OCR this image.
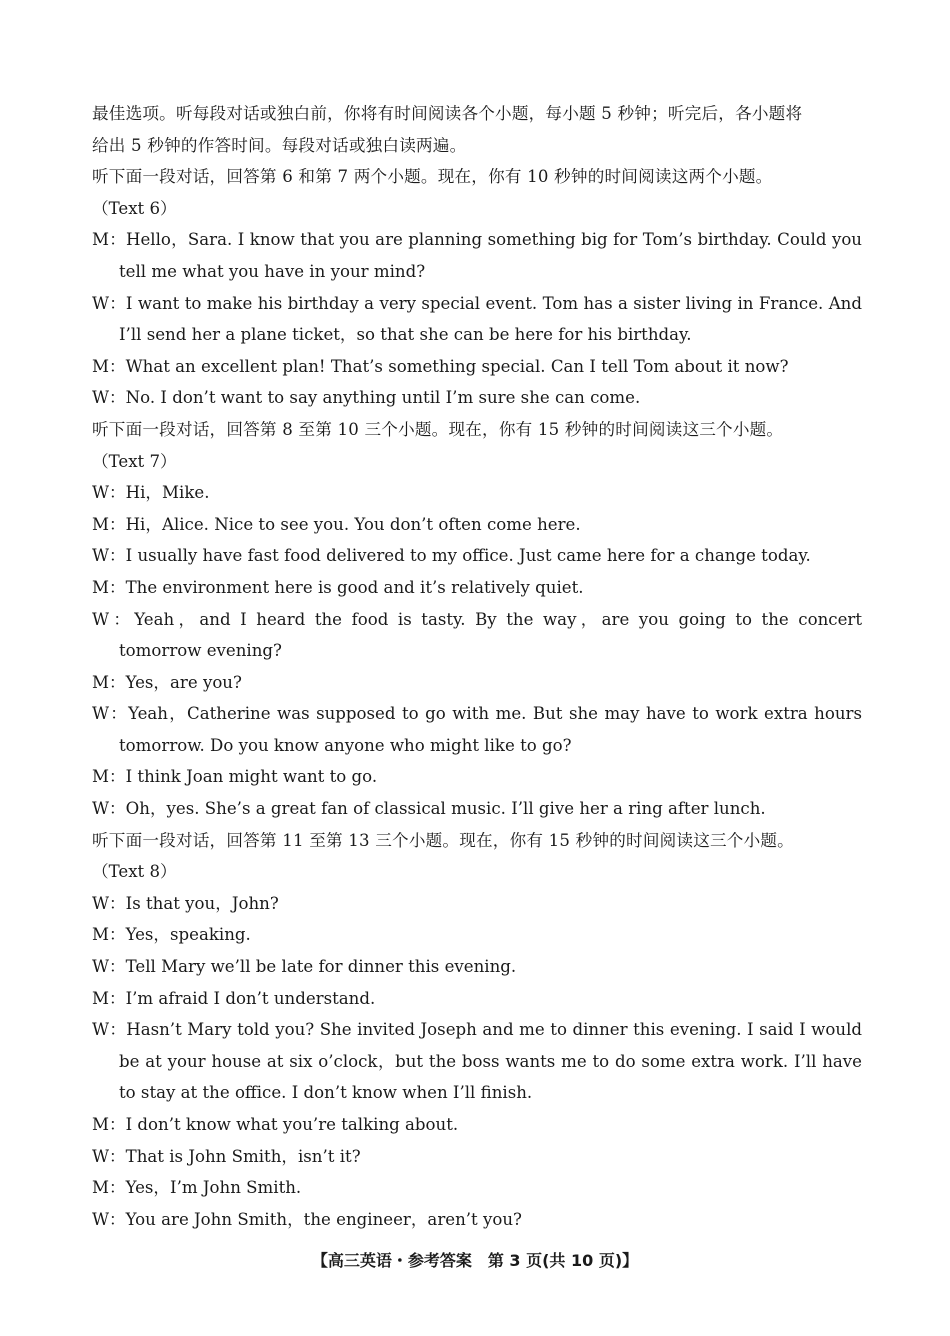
最佳选项。听每段对话或独白前，你将有时间阅读各个小题，每小题 5 秒钟；听完后，各小题将
给出 5 秒钟的作答时间。每段对话或独白读两遍。
听下面一段对话，回答第 6 和第 7 两个小题。现在，你有 10 秒钟的时间阅读这两个小题。
（Text 6）
M：Hello，Sara. I know that you are planning something big for Tom’s birthday. Could you tell me what you have in your mind?
W：I want to make his birthday a very special event. Tom has a sister living in France. And I’ll send her a plane ticket，so that she can be here for his birthday.
M：What an excellent plan! That’s something special. Can I tell Tom about it now?
W：No. I don’t want to say anything until I’m sure she can come.
听下面一段对话，回答第 8 至第 10 三个小题。现在，你有 15 秒钟的时间阅读这三个小题。
（Text 7）
W：Hi，Mike.
M：Hi，Alice. Nice to see you. You don’t often come here.
W：I usually have fast food delivered to my office. Just came here for a change today.
M：The environment here is good and it’s relatively quiet.
W：Yeah，and I heard the food is tasty. By the way，are you going to the concert tomorrow evening?
M：Yes，are you?
W：Yeah，Catherine was supposed to go with me. But she may have to work extra hours tomorrow. Do you know anyone who might like to go?
M：I think Joan might want to go.
W：Oh，yes. She’s a great fan of classical music. I’ll give her a ring after lunch.
听下面一段对话，回答第 11 至第 13 三个小题。现在，你有 15 秒钟的时间阅读这三个小题。
（Text 8）
W：Is that you，John?
M：Yes，speaking.
W：Tell Mary we’ll be late for dinner this evening.
M：I’m afraid I don’t understand.
W：Hasn’t Mary told you? She invited Joseph and me to dinner this evening. I said I would be at your house at six o’clock，but the boss wants me to do some extra work. I’ll have to stay at the office. I don’t know when I’ll finish.
M：I don’t know what you’re talking about.
W：That is John Smith，isn’t it?
M：Yes，I’m John Smith.
W：You are John Smith，the engineer，aren’t you?
【高三英语・参考答案　第 3 页(共 10 页)】
